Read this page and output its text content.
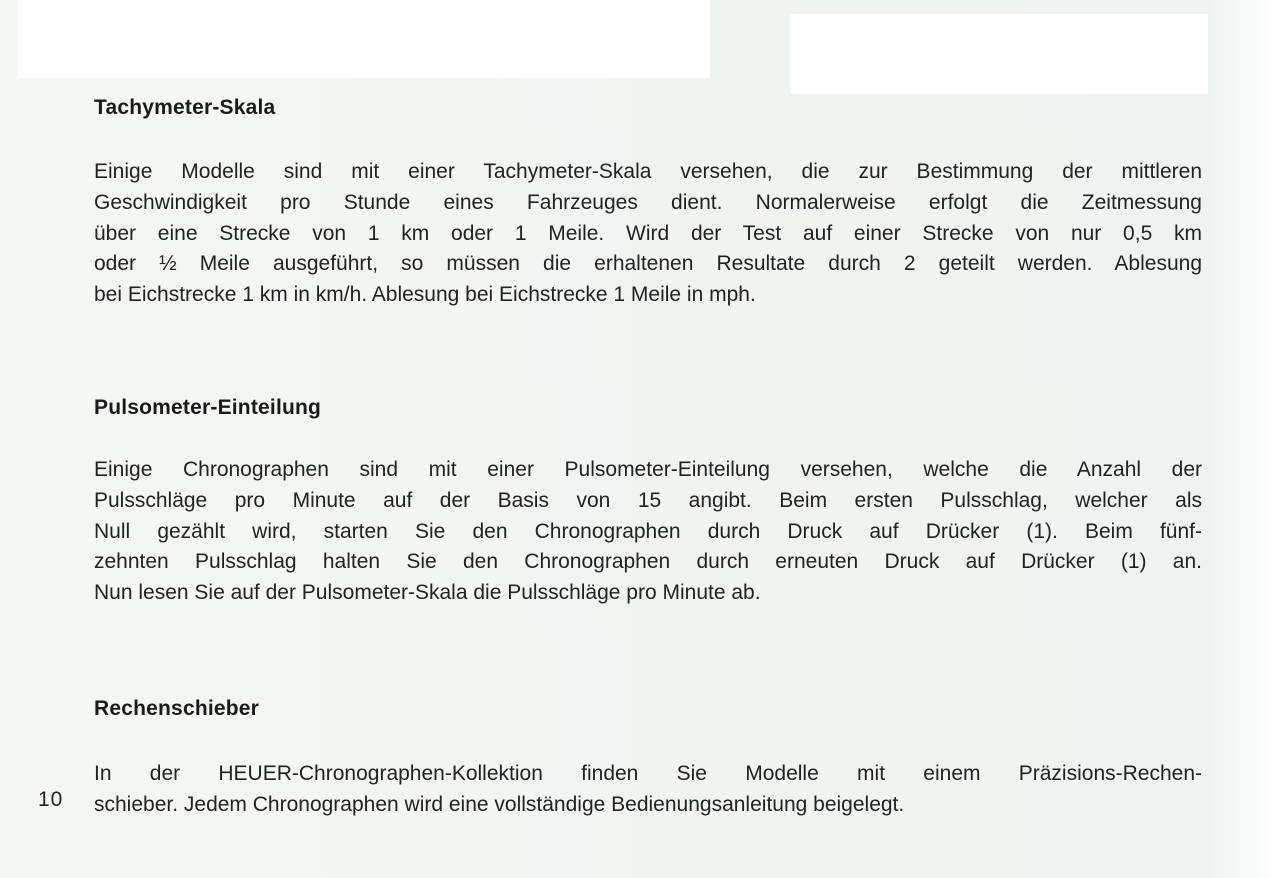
Tachymeter-Skala

Einige Modelle sind mit einer Tachymeter-Skala versehen, die zur Bestimmung der mittleren
Geschwindigkeit pro Stunde eines Fahrzeuges dient. Normalerweise erfolgt die Zeitmessung
über eine Strecke von 1 km oder 1 Meile. Wird der Test auf einer Strecke von nur 0,5 km
oder ½ Meile ausgeführt, so müssen die erhaltenen Resultate durch 2 geteilt werden. Ablesung
bei Eichstrecke 1 km in km/h. Ablesung bei Eichstrecke 1 Meile in mph.

Pulsometer-Einteilung

Einige Chronographen sind mit einer Pulsometer-Einteilung versehen, welche die Anzahl der
Pulsschläge pro Minute auf der Basis von 15 angibt. Beim ersten Pulsschlag, welcher als
Null gezählt wird, starten Sie den Chronographen durch Druck auf Drücker (1). Beim fünf-
zehnten Pulsschlag halten Sie den Chronographen durch erneuten Druck auf Drücker (1) an.
Nun lesen Sie auf der Pulsometer-Skala die Pulsschläge pro Minute ab.

Rechenschieber

In der HEUER-Chronographen-Kollektion finden Sie Modelle mit einem Präzisions-Rechen-
schieber. Jedem Chronographen wird eine vollständige Bedienungsanleitung beigelegt.

10
